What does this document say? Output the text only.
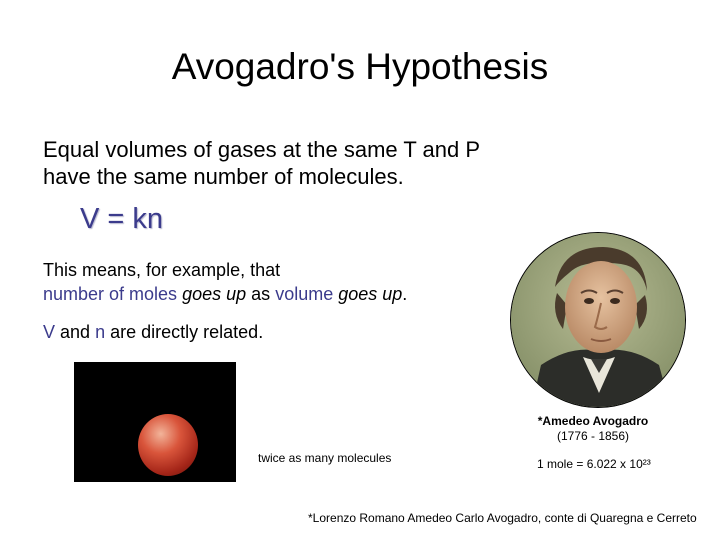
Avogadro's Hypothesis
Equal volumes of gases at the same T and P
have the same number of molecules.
V = kn
This means, for example, that
number of moles goes up as volume goes up.
V and n are directly related.
twice as many molecules
*Amedeo Avogadro
(1776 - 1856)
1 mole = 6.022 x 10²³
*Lorenzo Romano Amedeo Carlo Avogadro, conte di Quaregna e Cerreto
